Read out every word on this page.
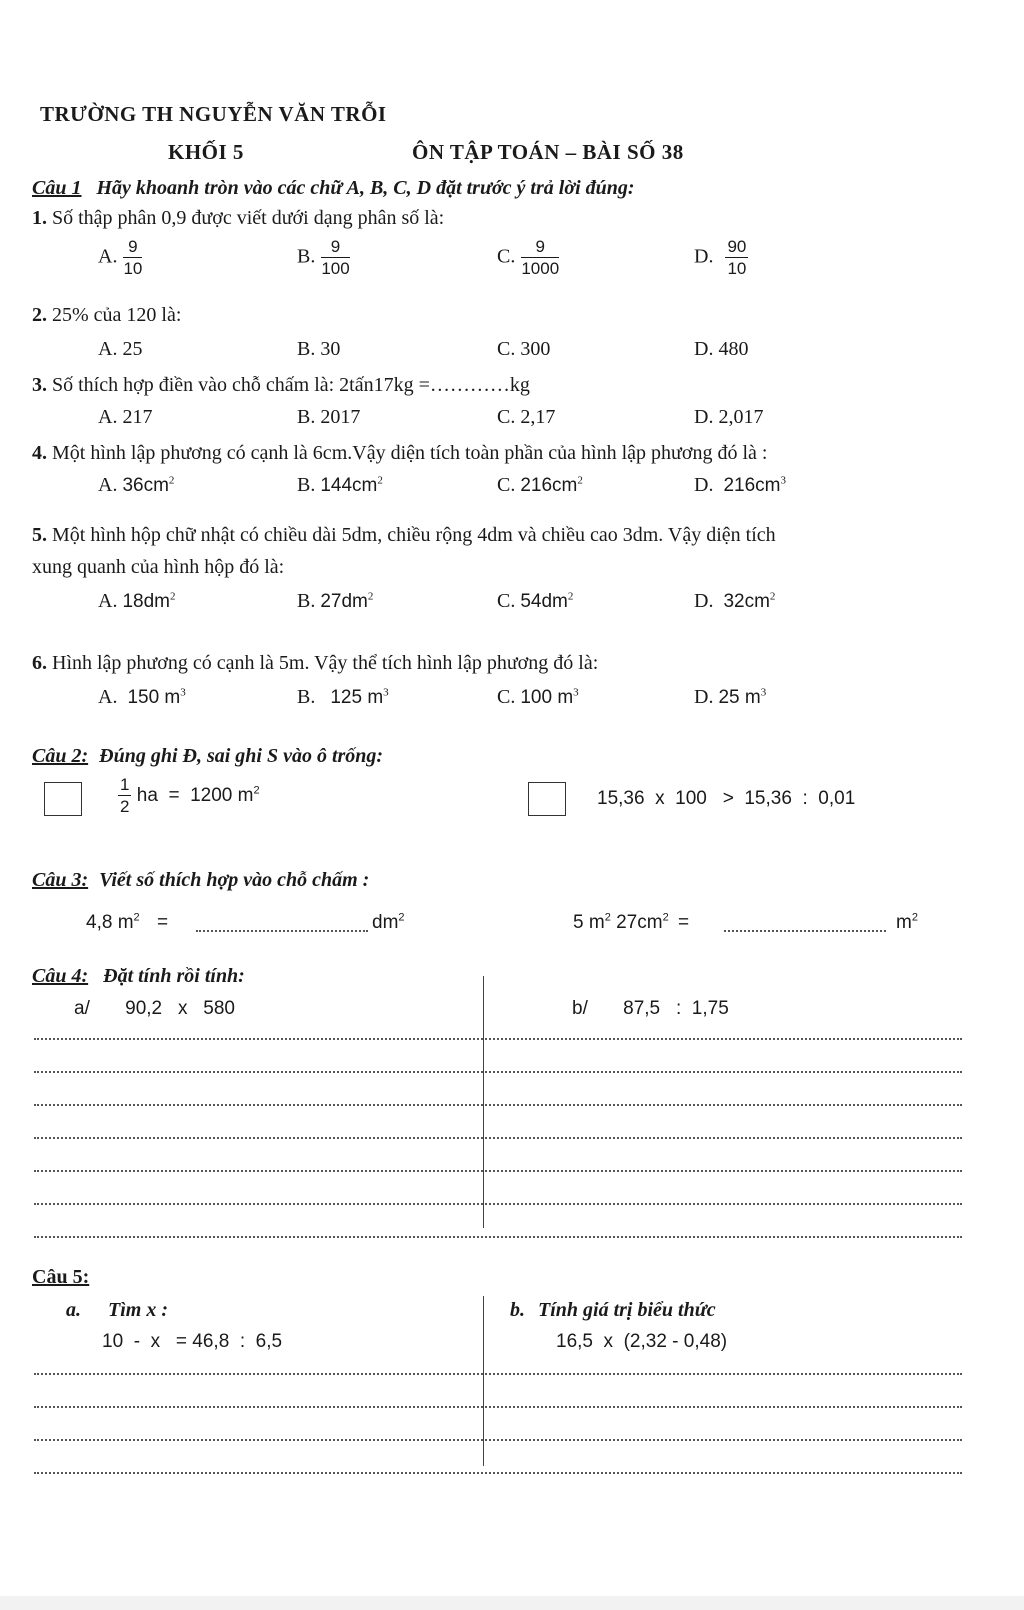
TRƯỜNG TH NGUYỄN VĂN TRỖI
KHỐI 5	ÔN TẬP TOÁN – BÀI SỐ 38
Câu 1 Hãy khoanh tròn vào các chữ A, B, C, D đặt trước ý trả lời đúng:
1. Số thập phân 0,9 được viết dưới dạng phân số là:
A. $\frac{9}{10}$	B. $\frac{9}{100}$	C. $\frac{9}{1000}$	D. $\frac{90}{10}$
2. 25% của 120 là:
A. 25	B. 30	C. 300	D. 480
3. Số thích hợp điền vào chỗ chấm là: 2tấn17kg =…………kg
A. 217	B. 2017	C. 2,17	D. 2,017
4. Một hình lập phương có cạnh là 6cm.Vậy diện tích toàn phần của hình lập phương đó là :
A. $36cm^2$	B. $144cm^2$	C. $216cm^2$	D. $216cm^3$
5. Một hình hộp chữ nhật có chiều dài 5dm, chiều rộng 4dm và chiều cao 3dm. Vậy diện tích
xung quanh của hình hộp đó là:
A. $18dm^2$	B. $27dm^2$	C. $54dm^2$	D. $32cm^2$
6. Hình lập phương có cạnh là 5m. Vậy thể tích hình lập phương đó là:
A. 150 $m^3$	B. 125 $m^3$	C. 100 $m^3$	D. 25 $m^3$
Câu 2: Đúng ghi Đ, sai ghi S vào ô trống:
$\frac{1}{2}$ ha  =  1200 $m^2$	15,36  x  100   >  15,36  :  0,01
Câu 3: Viết số thích hợp vào chỗ chấm :
4,8 $m^2$ =	$dm^2$	5 $m^2$ $27cm^2$ =	$m^2$
Câu 4: Đặt tính rồi tính:
a/ 90,2   x   580	b/ 87,5   :  1,75
Câu 5:
a. Tìm x :
10  -  x   = 46,8  :  6,5
b. Tính giá trị biểu thức
16,5  x  (2,32 - 0,48)
